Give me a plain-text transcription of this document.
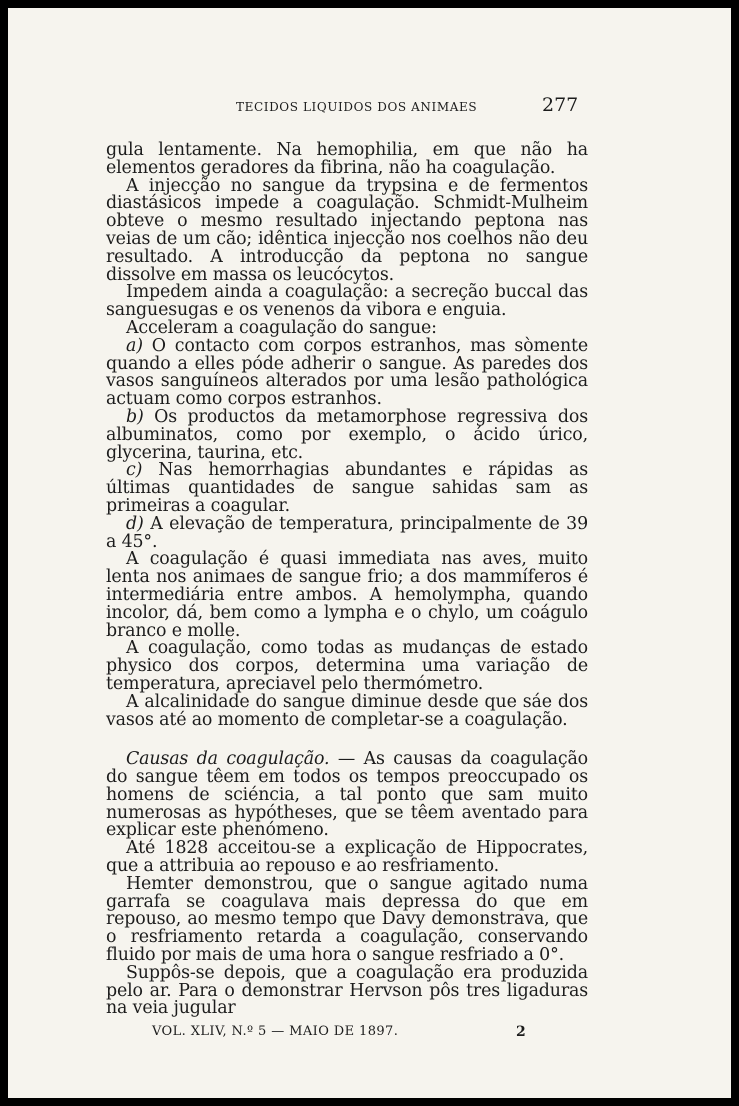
TECIDOS LIQUIDOS DOS ANIMAES	277

gula lentamente. Na hemophilia, em que não ha elementos geradores da fibrina, não ha coagulação.

A injecção no sangue da trypsina e de fermentos diastásicos impede a coagulação. Schmidt-Mulheim obteve o mesmo resultado injectando peptona nas veias de um cão; idêntica injecção nos coelhos não deu resultado. A introducção da peptona no sangue dissolve em massa os leucócytos.

Impedem ainda a coagulação: a secreção buccal das sanguesugas e os venenos da vibora e enguia.

Acceleram a coagulação do sangue:

a) O contacto com corpos estranhos, mas sòmente quando a elles póde adherir o sangue. As paredes dos vasos sanguíneos alterados por uma lesão pathológica actuam como corpos estranhos.

b) Os productos da metamorphose regressiva dos albuminatos, como por exemplo, o ácido úrico, glycerina, taurina, etc.

c) Nas hemorrhagias abundantes e rápidas as últimas quantidades de sangue sahidas sam as primeiras a coagular.

d) A elevação de temperatura, principalmente de 39 a 45°.

A coagulação é quasi immediata nas aves, muito lenta nos animaes de sangue frio; a dos mammíferos é intermediária entre ambos. A hemolympha, quando incolor, dá, bem como a lympha e o chylo, um coágulo branco e molle.

A coagulação, como todas as mudanças de estado physico dos corpos, determina uma variação de temperatura, apreciavel pelo thermómetro.

A alcalinidade do sangue diminue desde que sáe dos vasos até ao momento de completar-se a coagulação.

Causas da coagulação. — As causas da coagulação do sangue têem em todos os tempos preoccupado os homens de sciéncia, a tal ponto que sam muito numerosas as hypótheses, que se têem aventado para explicar este phenómeno.

Até 1828 acceitou-se a explicação de Hippocrates, que a attribuia ao repouso e ao resfriamento.

Hemter demonstrou, que o sangue agitado numa garrafa se coagulava mais depressa do que em repouso, ao mesmo tempo que Davy demonstrava, que o resfriamento retarda a coagulação, conservando fluido por mais de uma hora o sangue resfriado a 0°.

Suppôs-se depois, que a coagulação era produzida pelo ar. Para o demonstrar Hervson pôs tres ligaduras na veia jugular

VOL. XLIV, N.º 5 — MAIO DE 1897.	2
